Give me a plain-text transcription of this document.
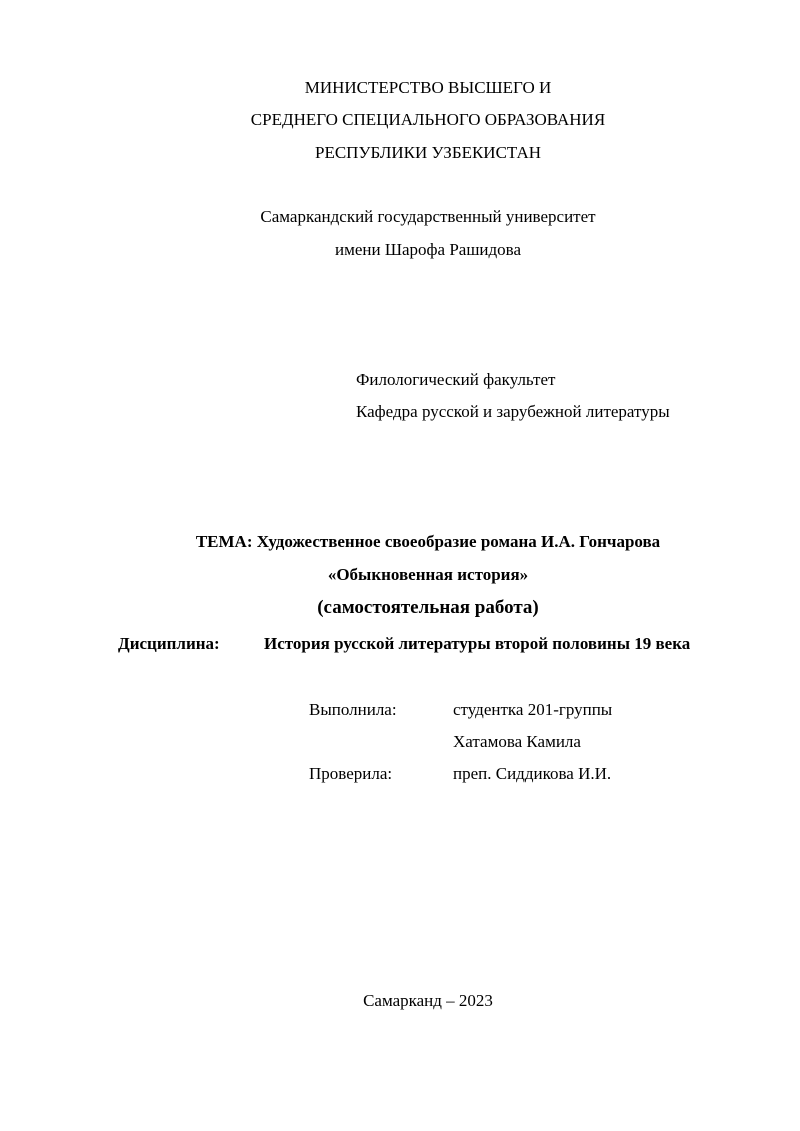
МИНИСТЕРСТВО ВЫСШЕГО И
СРЕДНЕГО СПЕЦИАЛЬНОГО ОБРАЗОВАНИЯ
РЕСПУБЛИКИ УЗБЕКИСТАН
Самаркандский государственный университет
имени Шарофа Рашидова
Филологический факультет
Кафедра русской и зарубежной литературы
ТЕМА: Художественное своеобразие романа И.А. Гончарова
«Обыкновенная история»
(самостоятельная работа)
Дисциплина:	История русской литературы второй половины 19 века
Выполнила:	студентка 201-группы
Хатамова Камила
Проверила:	преп. Сиддикова И.И.
Самарканд – 2023
